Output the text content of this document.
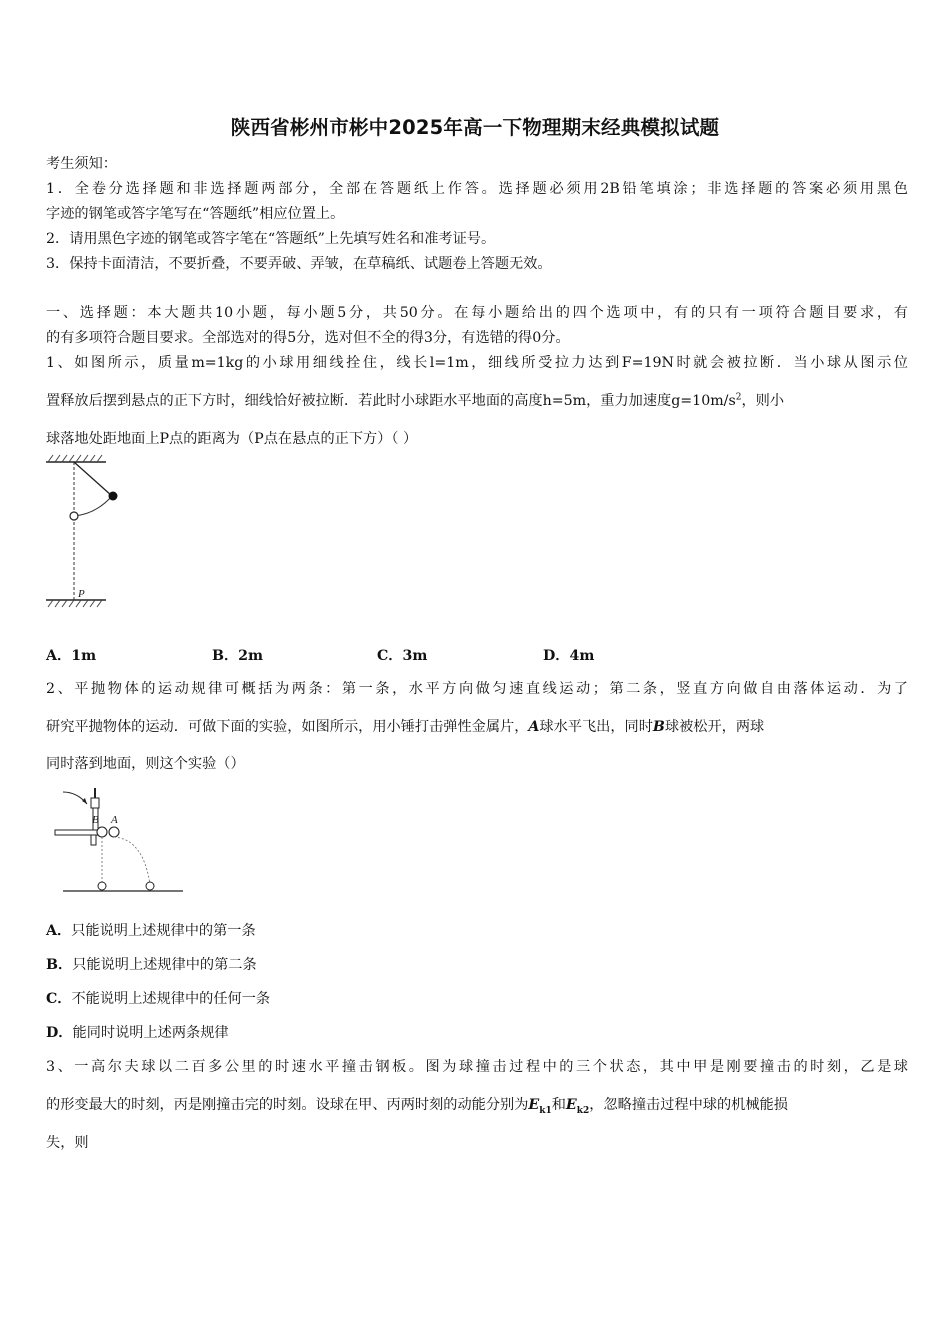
陕西省彬州市彬中2025年高一下物理期末经典模拟试题
考生须知：
1．全卷分选择题和非选择题两部分，全部在答题纸上作答。选择题必须用2B铅笔填涂；非选择题的答案必须用黑色
字迹的钢笔或答字笔写在“答题纸”相应位置上。
2．请用黑色字迹的钢笔或答字笔在“答题纸”上先填写姓名和准考证号。
3．保持卡面清洁，不要折叠，不要弄破、弄皱，在草稿纸、试题卷上答题无效。
一、选择题：本大题共10小题，每小题5分，共50分。在每小题给出的四个选项中，有的只有一项符合题目要求，有
的有多项符合题目要求。全部选对的得5分，选对但不全的得3分，有选错的得0分。
1、如图所示，质量m=1kg的小球用细线拴住，线长l=1m，细线所受拉力达到F=19N时就会被拉断．当小球从图示位
置释放后摆到悬点的正下方时，细线恰好被拉断．若此时小球距水平地面的高度h=5m，重力加速度$g=10m/s^2$，则小
球落地处距地面上P点的距离为（P点在悬点的正下方）（ ）
P
A．1m	B．2m	C．3m	D．4m
2、平抛物体的运动规律可概括为两条：第一条，水平方向做匀速直线运动；第二条，竖直方向做自由落体运动．为了
研究平抛物体的运动．可做下面的实验，如图所示，用小锤打击弹性金属片，A球水平飞出，同时B球被松开，两球
同时落到地面，则这个实验（）
B A
A．只能说明上述规律中的第一条
B．只能说明上述规律中的第二条
C．不能说明上述规律中的任何一条
D．能同时说明上述两条规律
3、一高尔夫球以二百多公里的时速水平撞击钢板。图为球撞击过程中的三个状态，其中甲是刚要撞击的时刻，乙是球
的形变最大的时刻，丙是刚撞击完的时刻。设球在甲、丙两时刻的动能分别为$E_{k1}$和$E_{k2}$，忽略撞击过程中球的机械能损
失，则
